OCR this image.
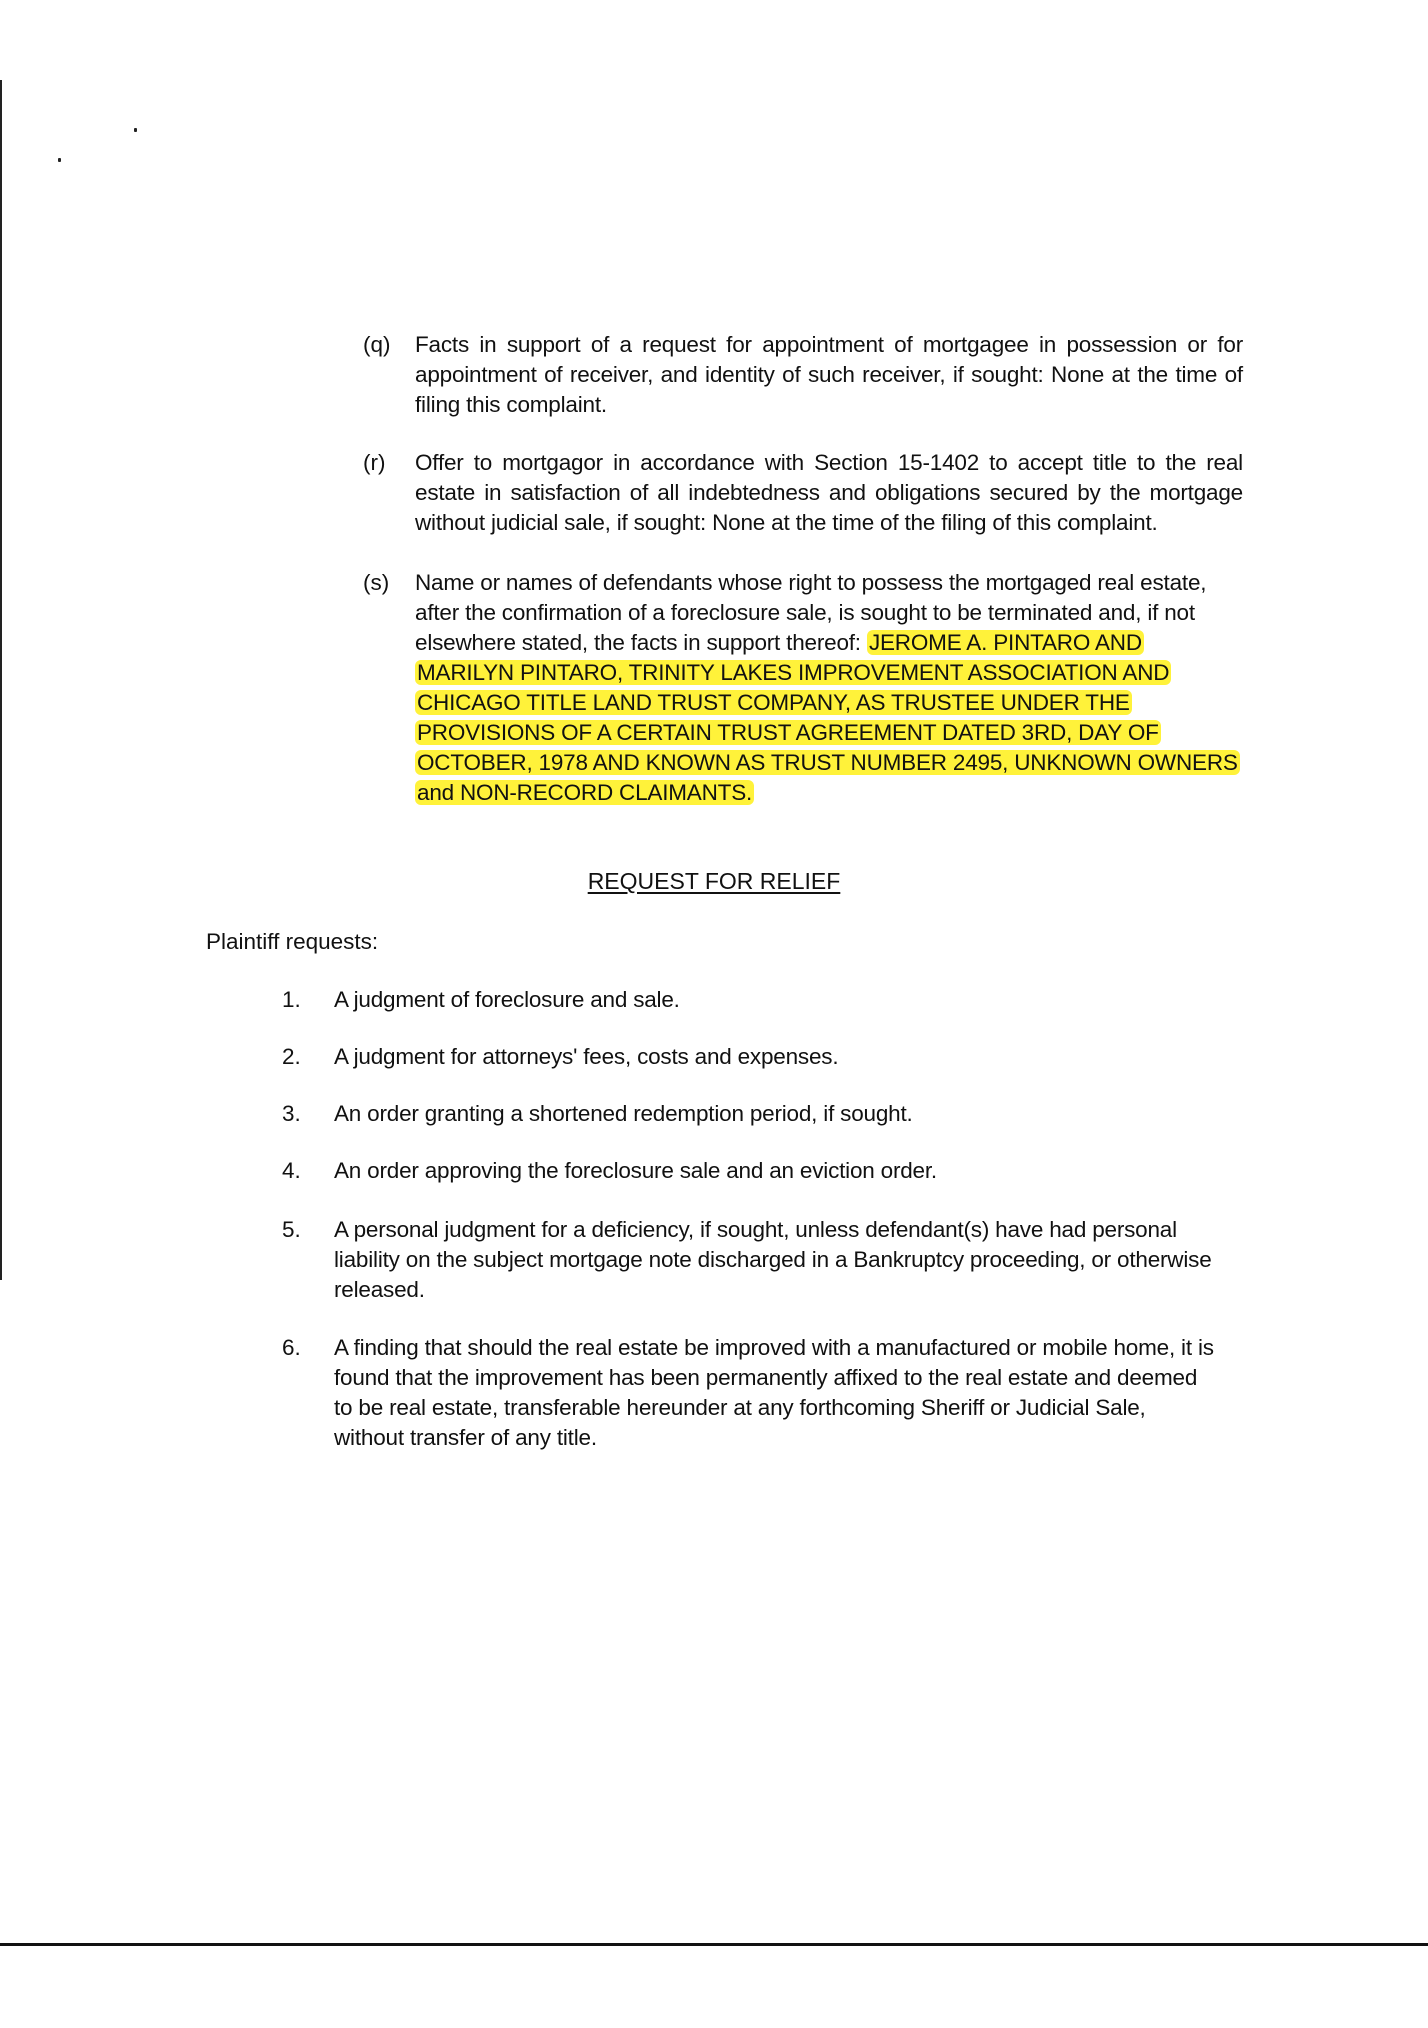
(q)	Facts in support of a request for appointment of mortgagee in possession or for appointment of receiver, and identity of such receiver, if sought: None at the time of filing this complaint.
(r)	Offer to mortgagor in accordance with Section 15-1402 to accept title to the real estate in satisfaction of all indebtedness and obligations secured by the mortgage without judicial sale, if sought: None at the time of the filing of this complaint.
(s)	Name or names of defendants whose right to possess the mortgaged real estate, after the confirmation of a foreclosure sale, is sought to be terminated and, if not elsewhere stated, the facts in support thereof: JEROME A. PINTARO AND MARILYN PINTARO, TRINITY LAKES IMPROVEMENT ASSOCIATION AND CHICAGO TITLE LAND TRUST COMPANY, AS TRUSTEE UNDER THE PROVISIONS OF A CERTAIN TRUST AGREEMENT DATED 3RD, DAY OF OCTOBER, 1978 AND KNOWN AS TRUST NUMBER 2495, UNKNOWN OWNERS and NON-RECORD CLAIMANTS.
REQUEST FOR RELIEF
Plaintiff requests:
1.	A judgment of foreclosure and sale.
2.	A judgment for attorneys' fees, costs and expenses.
3.	An order granting a shortened redemption period, if sought.
4.	An order approving the foreclosure sale and an eviction order.
5.	A personal judgment for a deficiency, if sought, unless defendant(s) have had personal liability on the subject mortgage note discharged in a Bankruptcy proceeding, or otherwise released.
6.	A finding that should the real estate be improved with a manufactured or mobile home, it is found that the improvement has been permanently affixed to the real estate and deemed to be real estate, transferable hereunder at any forthcoming Sheriff or Judicial Sale, without transfer of any title.
